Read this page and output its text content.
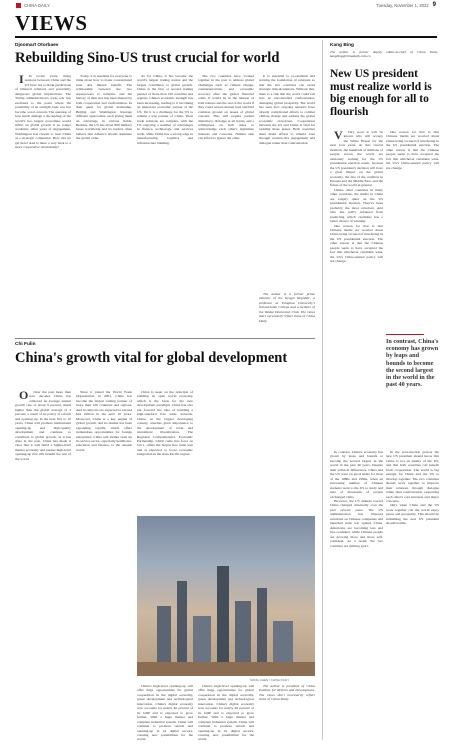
CHINA DAILY	Tuesday, November 1, 2022 9
VIEWS
Djoomart Otorbaev
Rebuilding Sino-US trust crucial for world

I In recent years, rising tensions between China and the US have led to bleak predictions of bilateral relations and potentially dangerous global implications. The Trump administration's trade war has escalated to the point where the possibility of an outright trade war has become a real concern. The question of how much damage a decoupling of the world's two largest economies would inflict on global growth is no longer academic. After years of engagement, Washington has chosen to treat China as a strategic competitor. How did we get here? And is there a way back to a more cooperative relationship?

Today, it is essential for everyone to think about how to foster conventional trust and mutual benefit. The relationship between the two superpowers is complex, and the history of their ties has been shaped by both cooperation and confrontation. In their quest for global leadership, Beijing and Washington leverage different approaches, each giving them an advantage in various fields. Besides, the US has about 800 military bases worldwide and its leaders often believe that America should dominate the global order.

As for China, it has become the world's largest trading nation and the largest contributor to global growth. China is the first or second trading partner of more than 130 countries and regions. China's economic strength has been increasing, leading to it becoming an important economic partner of the US. Yet it is a challenge for the US to remain a true partner of China. Their trade relations are complex, with the US enjoying a number of advantages in finance, technology, and services trade, while China has a strong edge in manufacturing, logistics and infrastructure building.

The two countries have worked together in the past to address global challenges such as climate change, counterterrorism, and economic recovery after the global financial crisis. It would be in the interest of both nations and the rest of the world if they could restore mutual trust and find common ground on issues of global concern. This will require patient diplomacy, dialogue at all levels, and a willingness on both sides to acknowledge each other's legitimate interests and concerns. Neither side can afford to ignore the other.

It is essential to re-establish and revamp the foundation of relations so that the two countries can avoid strategic miscalculations. Without that, there is a risk that the world could fall into an uncontrolled confrontation, damaging global prosperity. The world has seen how ongoing tensions have already complicated efforts to combat climate change and address the global economic slowdown. Cooperation between the US and China is vital for tackling these issues. Both countries must make efforts to rebuild trust through constructive engagement and dialogue rather than confrontation.

The author is a former prime minister of the Kyrgyz Republic, a professor at Tsinghua University's Schwarzman College and a member of the Valdai Discussion Club. The views don't necessarily reflect those of China Daily.

Chi Fulin
China's growth vital for global development

O Over the past more than four decades China has achieved an average annual growth rate of about 9 percent, much higher than the global average of 3 percent, a result of its policy of reform and opening-up. In the next five to 10 years, China will promote institutional opening-up and high-quality development and continue to contribute to global growth, as it has done in the past. China has made it clear that it will build a higher-level market economy and pursue high-level opening-up that will benefit the rest of the world.

Since it joined the World Trade Organization in 2001, China has become the largest trading partner of more than 120 countries and regions. And its imports are expected to exceed $22 trillion in the next 10 years. Moreover, China is a key engine of global growth, and its market has been expanding rapidly, which offers tremendous opportunities for foreign enterprises. China will further open up its service sector, especially healthcare, education and finance, to the outside world.

China is keen on the principle of building an open world economy, which is the basis for the new development paradigm. China has also put forward the idea of building a high-standard free trade network. China, as the largest developing country, attaches great importance to the development of trade and investment liberalization. The Regional Comprehensive Economic Partnership, which came into force on Jan 1, offers the largest free trade area and is expected to boost economic integration in the Asia-Pacific region.

SONG CHEN / CHINA DAILY

China's high-level opening-up will offer huge opportunities for global cooperation in the digital economy, green development and technological innovation. China's digital economy now accounts for nearly 40 percent of its GDP and is expected to grow further. With a huge market and complete industrial system, China will continue to promote reform and opening-up in its digital sectors, creating new possibilities for the world.

China's high-level opening-up will offer huge opportunities for global cooperation in the digital economy, green development and technological innovation. China's digital economy now accounts for nearly 40 percent of its GDP and is expected to grow further. With a huge market and complete industrial system, China will continue to promote reform and opening-up in its digital sectors, creating new possibilities for the world.

The author is president of China Institute for Reform and Development. The views don't necessarily reflect those of China Daily.

Kang Bing

The author is former deputy editor-in-chief of China Daily. kangbing@chinadaily.com.cn

New US president must realize world is big enough for all to flourish

V Very soon it will be known who will occupy the White House for the next four years. At this crucial moment, the hundreds of millions of people across the world are anxiously waiting for the US presidential election result, because the US president's decision will have a great impact on the global economy, the fate of the conflicts in Eurasia and the Middle East, and the future of the world in general.

Unlike other countries in many other countries, the media in China are largely quiet on the US presidential election. They've been probably the most reluctant. And who has really refrained from predicting which candidate has a better chance of winning.

One reason for that is that Chinese media are worried about China being accused of interfering in the US presidential election. The other reason is that the Chinese people seem to have accepted the fact that whichever candidate wins, the US's China-related policy will not change.

One reason for that is that Chinese media are worried about China being accused of interfering in the US presidential election. The other reason is that the Chinese people seem to have accepted the fact that whichever candidate wins, the US's China-related policy will not change.

In contrast, China's economy has grown by leaps and bounds to become the second largest in the world in the past 40 years.

In contrast, China's economy has grown by leaps and bounds to become the second largest in the world in the past 40 years. Despite their political differences, China and the US were on good terms for most of the 1980s and 1990s, when an increasing number of Chinese students went to the US to study and tens of thousands of people exchanged visits.

However, the US attitude toward China changed drastically over the past several years. The US administration has imposed sanctions on Chinese companies and launched trade war against China. Americans are becoming less and less confident, while Chinese people are growing more and more self-confident. As a result, the two countries are drifting apart.

In the post-election period, the new US president should know that China is not an enemy of the US, and that both countries can benefit from cooperation. The world is big enough for China and the US to develop together. The two countries should work together to improve their relations through dialogue rather than confrontation, respecting each other's core interests and major concerns.

Only when China and the US work together can the world enjoy peace and prosperity. This should be something the new US president should realize.
